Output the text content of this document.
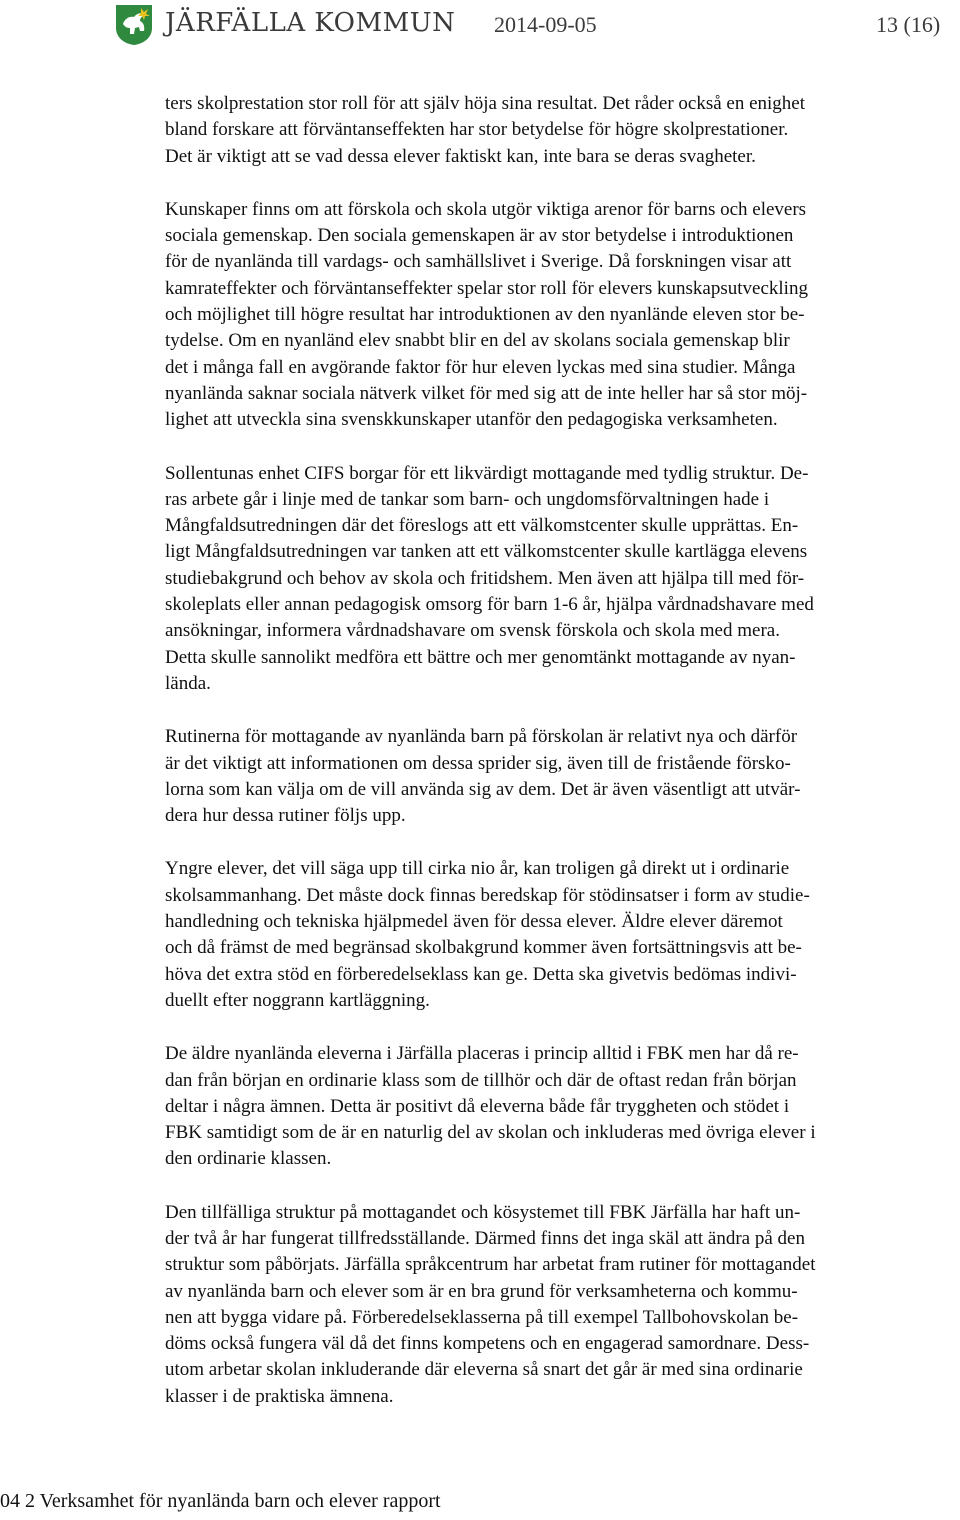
JÄRFÄLLA KOMMUN 2014-09-05	13 (16)

ters skolprestation stor roll för att själv höja sina resultat. Det råder också en enighet
bland forskare att förväntanseffekten har stor betydelse för högre skolprestationer.
Det är viktigt att se vad dessa elever faktiskt kan, inte bara se deras svagheter.

Kunskaper finns om att förskola och skola utgör viktiga arenor för barns och elevers
sociala gemenskap. Den sociala gemenskapen är av stor betydelse i introduktionen
för de nyanlända till vardags- och samhällslivet i Sverige. Då forskningen visar att
kamrateffekter och förväntanseffekter spelar stor roll för elevers kunskapsutveckling
och möjlighet till högre resultat har introduktionen av den nyanlände eleven stor be-
tydelse. Om en nyanländ elev snabbt blir en del av skolans sociala gemenskap blir
det i många fall en avgörande faktor för hur eleven lyckas med sina studier. Många
nyanlända saknar sociala nätverk vilket för med sig att de inte heller har så stor möj-
lighet att utveckla sina svenskkunskaper utanför den pedagogiska verksamheten.

Sollentunas enhet CIFS borgar för ett likvärdigt mottagande med tydlig struktur. De-
ras arbete går i linje med de tankar som barn- och ungdomsförvaltningen hade i
Mångfaldsutredningen där det föreslogs att ett välkomstcenter skulle upprättas. En-
ligt Mångfaldsutredningen var tanken att ett välkomstcenter skulle kartlägga elevens
studiebakgrund och behov av skola och fritidshem. Men även att hjälpa till med för-
skoleplats eller annan pedagogisk omsorg för barn 1-6 år, hjälpa vårdnadshavare med
ansökningar, informera vårdnadshavare om svensk förskola och skola med mera.
Detta skulle sannolikt medföra ett bättre och mer genomtänkt mottagande av nyan-
lända.

Rutinerna för mottagande av nyanlända barn på förskolan är relativt nya och därför
är det viktigt att informationen om dessa sprider sig, även till de fristående försko-
lorna som kan välja om de vill använda sig av dem. Det är även väsentligt att utvär-
dera hur dessa rutiner följs upp.

Yngre elever, det vill säga upp till cirka nio år, kan troligen gå direkt ut i ordinarie
skolsammanhang. Det måste dock finnas beredskap för stödinsatser i form av studie-
handledning och tekniska hjälpmedel även för dessa elever. Äldre elever däremot
och då främst de med begränsad skolbakgrund kommer även fortsättningsvis att be-
höva det extra stöd en förberedelseklass kan ge. Detta ska givetvis bedömas indivi-
duellt efter noggrann kartläggning.

De äldre nyanlända eleverna i Järfälla placeras i princip alltid i FBK men har då re-
dan från början en ordinarie klass som de tillhör och där de oftast redan från början
deltar i några ämnen. Detta är positivt då eleverna både får tryggheten och stödet i
FBK samtidigt som de är en naturlig del av skolan och inkluderas med övriga elever i
den ordinarie klassen.

Den tillfälliga struktur på mottagandet och kösystemet till FBK Järfälla har haft un-
der två år har fungerat tillfredsställande. Därmed finns det inga skäl att ändra på den
struktur som påbörjats. Järfälla språkcentrum har arbetat fram rutiner för mottagandet
av nyanlända barn och elever som är en bra grund för verksamheterna och kommu-
nen att bygga vidare på. Förberedelseklasserna på till exempel Tallbohovskolan be-
döms också fungera väl då det finns kompetens och en engagerad samordnare. Dess-
utom arbetar skolan inkluderande där eleverna så snart det går är med sina ordinarie
klasser i de praktiska ämnena.

04 2 Verksamhet för nyanlända barn och elever rapport
